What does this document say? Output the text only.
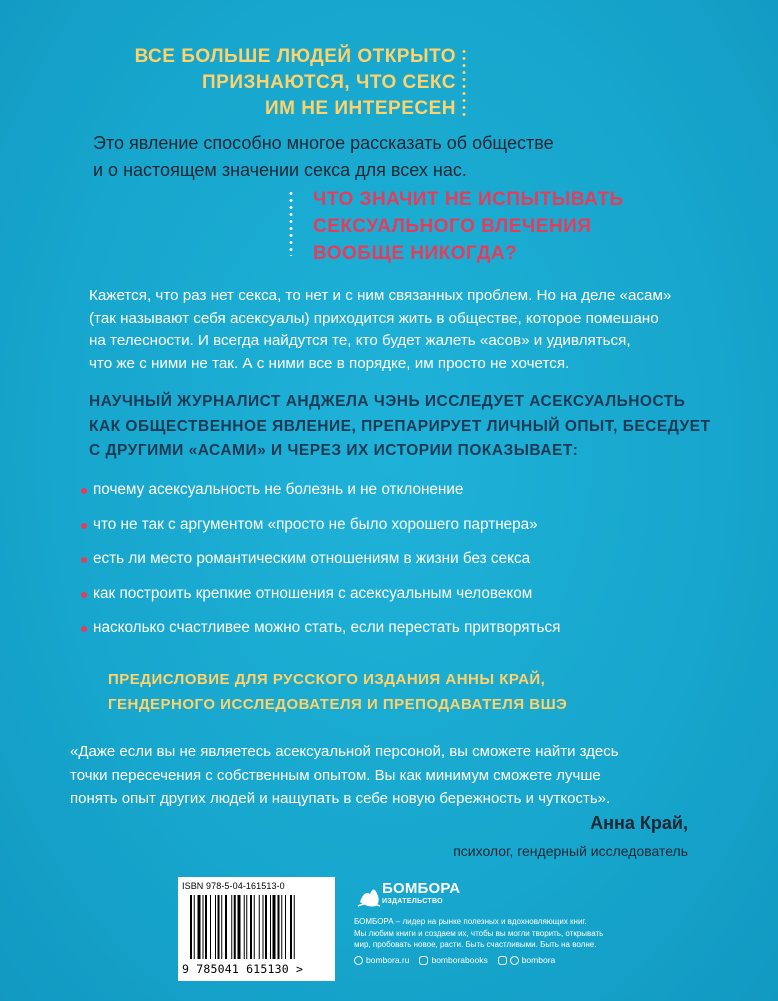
ВСЕ БОЛЬШЕ ЛЮДЕЙ ОТКРЫТО
ПРИЗНАЮТСЯ, ЧТО СЕКС
ИМ НЕ ИНТЕРЕСЕН
Это явление способно многое рассказать об обществе
и о настоящем значении секса для всех нас.
ЧТО ЗНАЧИТ НЕ ИСПЫТЫВАТЬ
СЕКСУАЛЬНОГО ВЛЕЧЕНИЯ
ВООБЩЕ НИКОГДА?
Кажется, что раз нет секса, то нет и с ним связанных проблем. Но на деле «асам»
(так называют себя асексуалы) приходится жить в обществе, которое помешано
на телесности. И всегда найдутся те, кто будет жалеть «асов» и удивляться,
что же с ними не так. А с ними все в порядке, им просто не хочется.
НАУЧНЫЙ ЖУРНАЛИСТ АНДЖЕЛА ЧЭНЬ ИССЛЕДУЕТ АСЕКСУАЛЬНОСТЬ
КАК ОБЩЕСТВЕННОЕ ЯВЛЕНИЕ, ПРЕПАРИРУЕТ ЛИЧНЫЙ ОПЫТ, БЕСЕДУЕТ
С ДРУГИМИ «АСАМИ» И ЧЕРЕЗ ИХ ИСТОРИИ ПОКАЗЫВАЕТ:
почему асексуальность не болезнь и не отклонение
что не так с аргументом «просто не было хорошего партнера»
есть ли место романтическим отношениям в жизни без секса
как построить крепкие отношения с асексуальным человеком
насколько счастливее можно стать, если перестать притворяться
ПРЕДИСЛОВИЕ ДЛЯ РУССКОГО ИЗДАНИЯ АННЫ КРАЙ,
ГЕНДЕРНОГО ИССЛЕДОВАТЕЛЯ И ПРЕПОДАВАТЕЛЯ ВШЭ
«Даже если вы не являетесь асексуальной персоной, вы сможете найти здесь
точки пересечения с собственным опытом. Вы как минимум сможете лучше
понять опыт других людей и нащупать в себе новую бережность и чуткость».
Анна Край,
психолог, гендерный исследователь
ISBN 978-5-04-161513-0
9 785041 615130 >
БОМБОРА
ИЗДАТЕЛЬСТВО
БОМБОРА – лидер на рынке полезных и вдохновляющих книг.
Мы любим книги и создаем их, чтобы вы могли творить, открывать
мир, пробовать новое, расти. Быть счастливыми. Быть на волне.
bombora.ru	bomborabooks	bombora
